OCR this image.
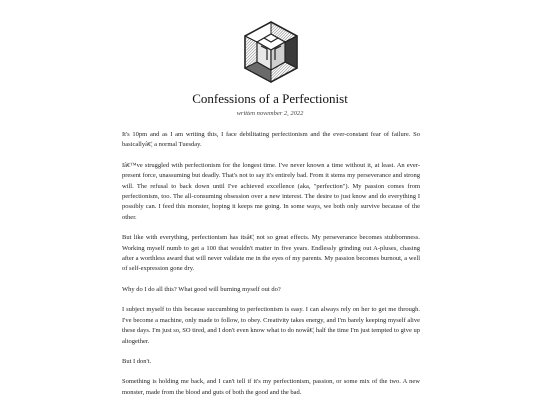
Confessions of a Perfectionist
written november 2, 2022

It's 10pm and as I am writing this, I face debilitating perfectionism and the ever-constant fear of failure. So basicallyâ€¦ a normal Tuesday.

Iâ€™ve struggled with perfectionism for the longest time. I've never known a time without it, at least. An ever-present force, unassuming but deadly. That's not to say it's entirely bad. From it stems my perseverance and strong will. The refusal to back down until I've achieved excellence (aka, "perfection"). My passion comes from perfectionism, too. The all-consuming obsession over a new interest. The desire to just know and do everything I possibly can. I feed this monster, hoping it keeps me going. In some ways, we both only survive because of the other.

But like with everything, perfectionism has itsâ€¦ not so great effects. My perseverance becomes stubbornness. Working myself numb to get a 100 that wouldn't matter in five years. Endlessly grinding out A-pluses, chasing after a worthless award that will never validate me in the eyes of my parents. My passion becomes burnout, a well of self-expression gone dry.

Why do I do all this? What good will burning myself out do?

I subject myself to this because succumbing to perfectionism is easy. I can always rely on her to get me through. I've become a machine, only made to follow, to obey. Creativity takes energy, and I'm barely keeping myself alive these days. I'm just so, SO tired, and I don't even know what to do nowâ€¦ half the time I'm just tempted to give up altogether.

But I don't.

Something is holding me back, and I can't tell if it's my perfectionism, passion, or some mix of the two. A new monster, made from the blood and guts of both the good and the bad.
